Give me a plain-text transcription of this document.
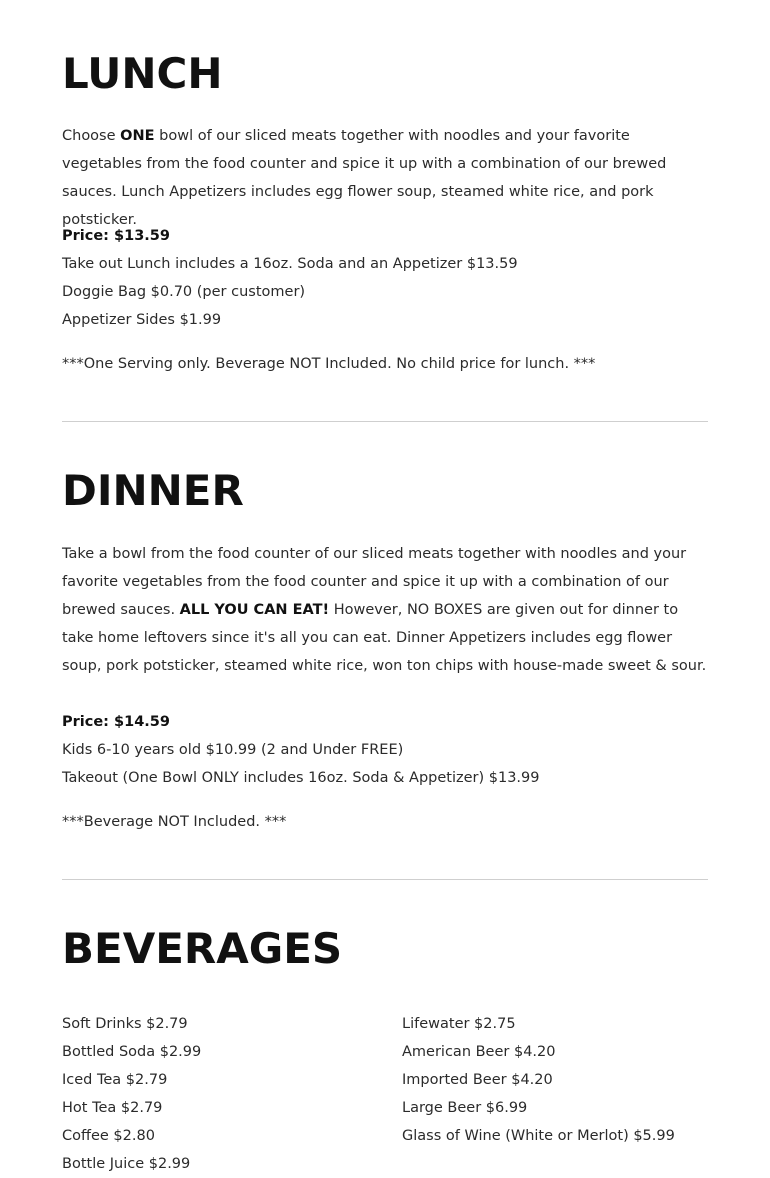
LUNCH

Choose ONE bowl of our sliced meats together with noodles and your favorite vegetables from the food counter and spice it up with a combination of our brewed sauces. Lunch Appetizers includes egg flower soup, steamed white rice, and pork potsticker.

Price: $13.59

Take out Lunch includes a 16oz. Soda and an Appetizer $13.59

Doggie Bag $0.70 (per customer)

Appetizer Sides $1.99

***One Serving only. Beverage NOT Included. No child price for lunch. ***

DINNER

Take a bowl from the food counter of our sliced meats together with noodles and your favorite vegetables from the food counter and spice it up with a combination of our brewed sauces. ALL YOU CAN EAT! However, NO BOXES are given out for dinner to take home leftovers since it's all you can eat. Dinner Appetizers includes egg flower soup, pork potsticker, steamed white rice, won ton chips with house-made sweet & sour.

Price: $14.59

Kids 6-10 years old $10.99 (2 and Under FREE)

Takeout (One Bowl ONLY includes 16oz. Soda & Appetizer) $13.99

***Beverage NOT Included. ***

BEVERAGES
Soft Drinks $2.79
Bottled Soda $2.99
Iced Tea $2.79
Hot Tea $2.79
Coffee $2.80
Bottle Juice $2.99
Lifewater $2.75
American Beer $4.20
Imported Beer $4.20
Large Beer $6.99
Glass of Wine (White or Merlot) $5.99
